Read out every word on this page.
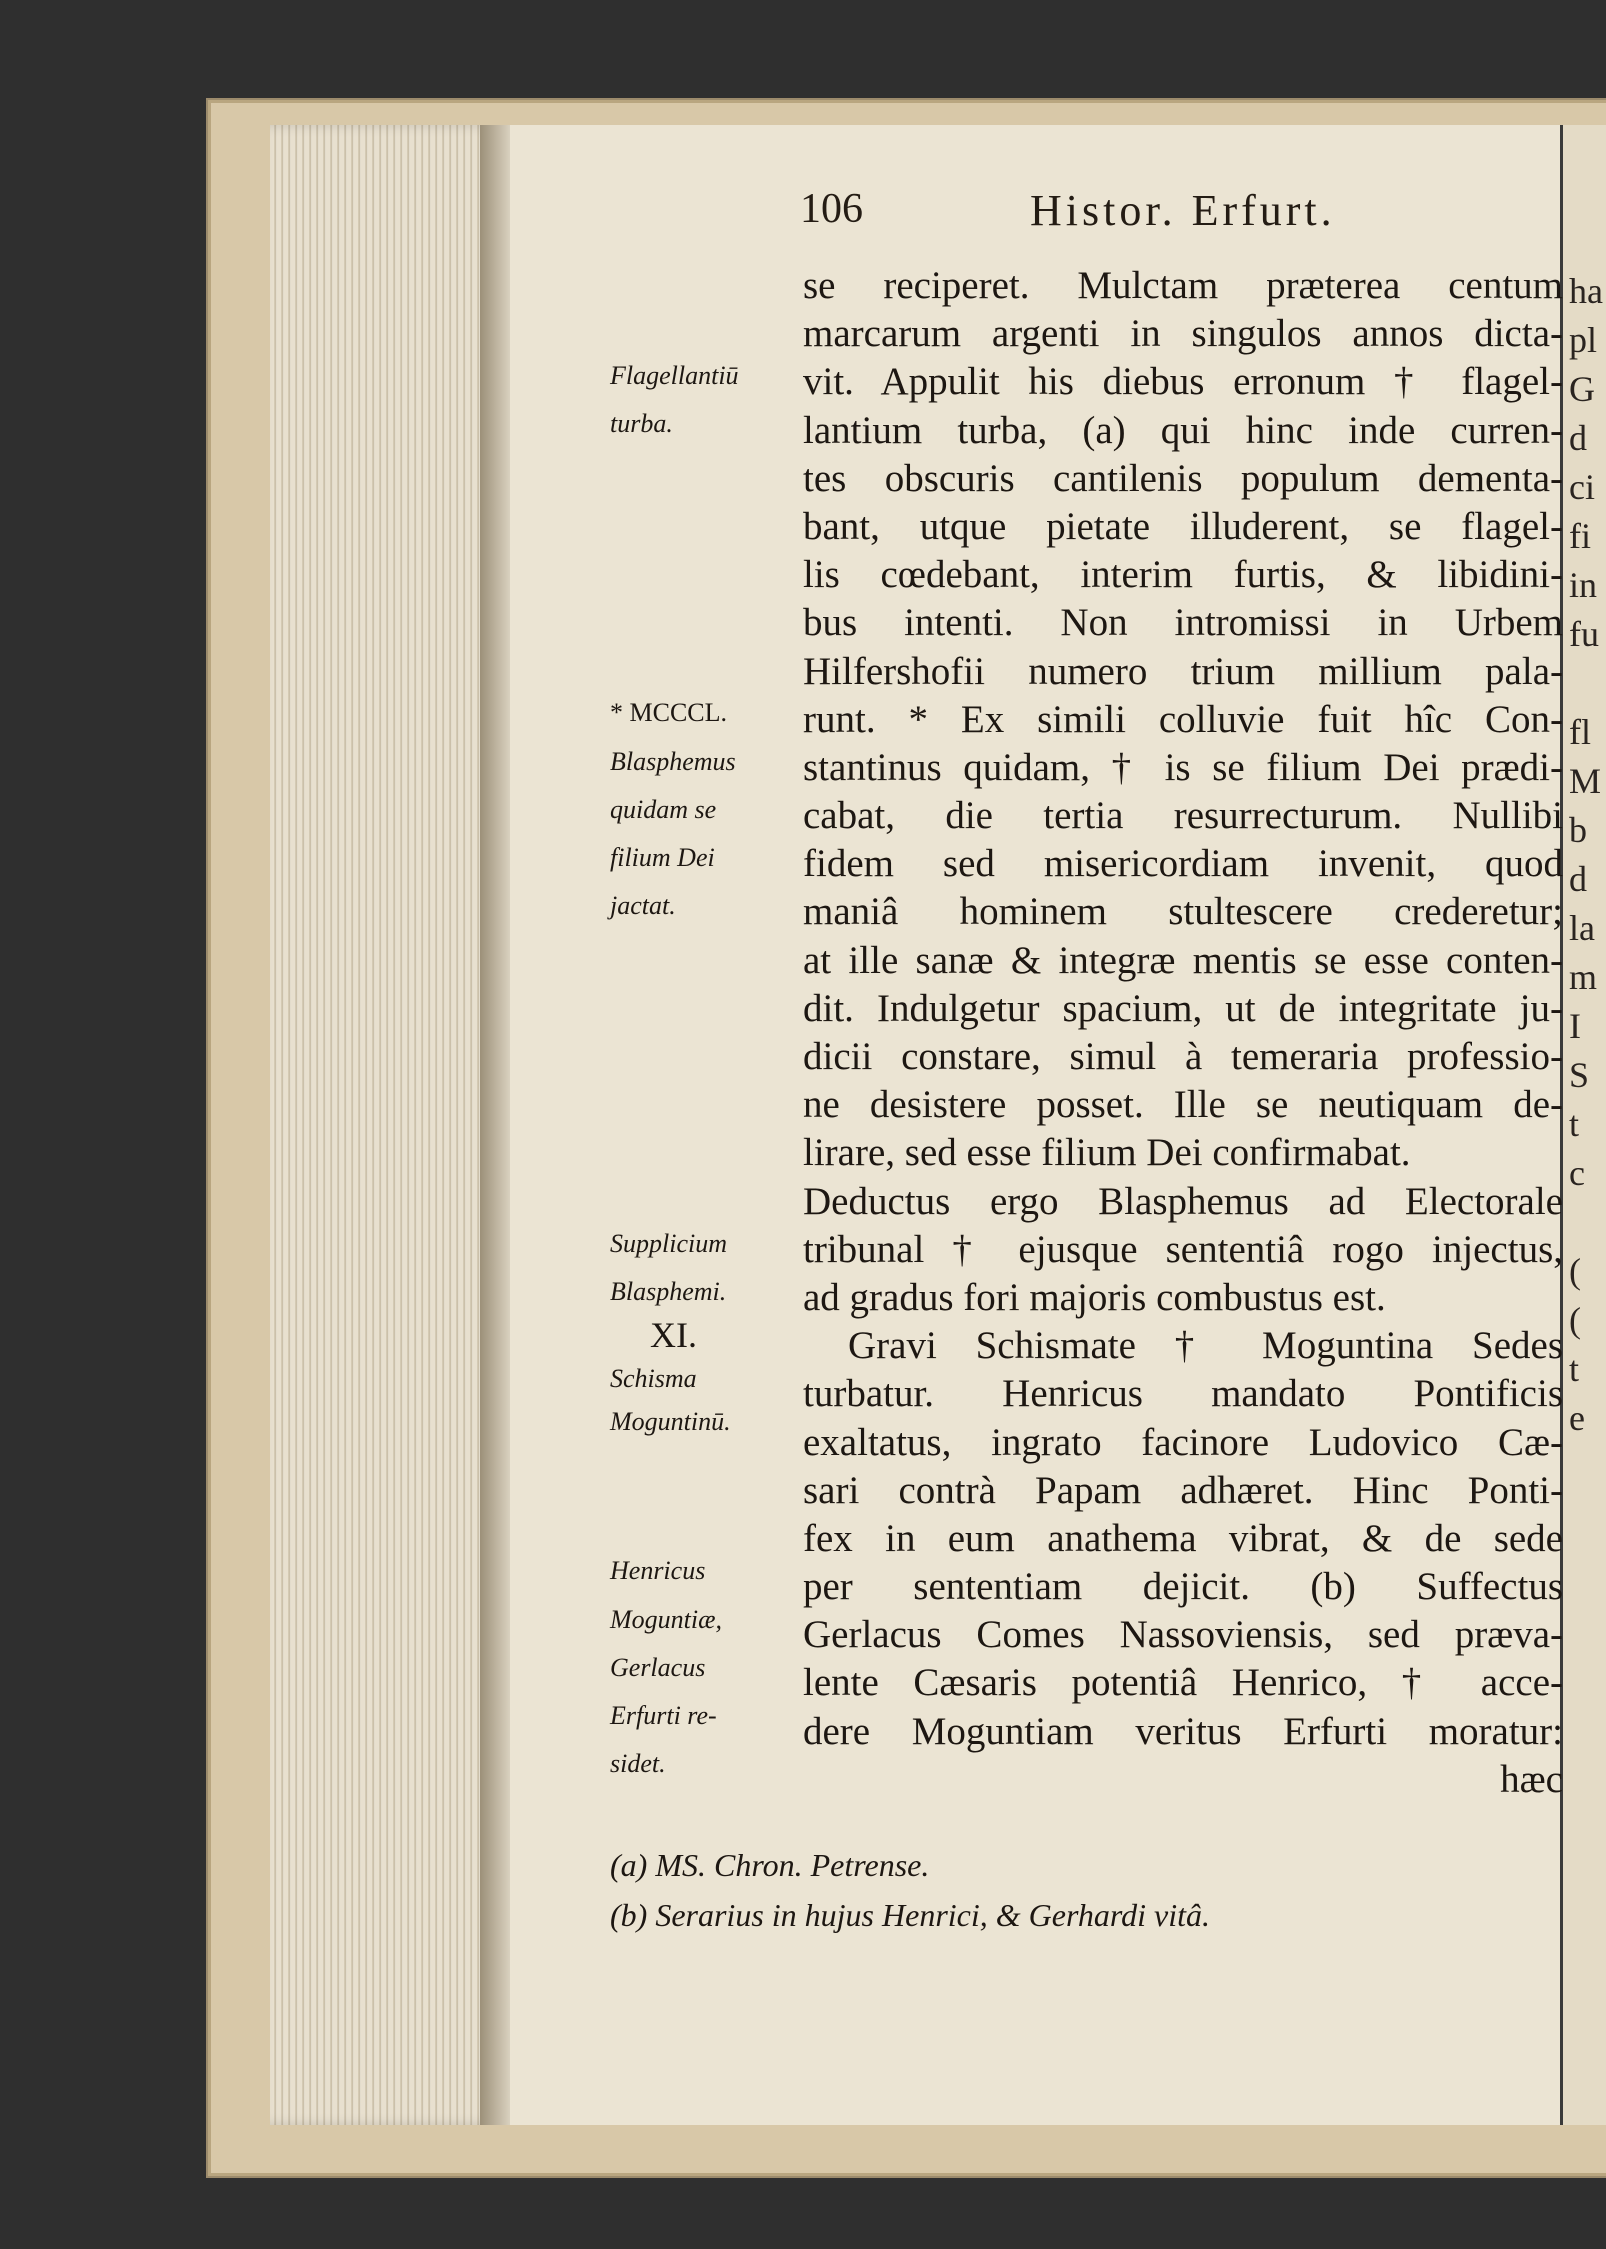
ha
pl
G
d
ci
fi
in
fu
fl
M
b
d
la
m
I
S
t
c
(
(
t
e
106	Histor. Erfurt.
se reciperet. Mulctam præterea centum
marcarum argenti in singulos annos dicta-
vit. Appulit his diebus erronum † flagel-
lantium turba, (a) qui hinc inde curren-
tes obscuris cantilenis populum dementa-
bant, utque pietate illuderent, se flagel-
lis cœdebant, interim furtis, & libidini-
bus intenti. Non intromissi in Urbem
Hilfershofii numero trium millium pala-
runt. * Ex simili colluvie fuit hîc Con-
stantinus quidam, † is se filium Dei prædi-
cabat, die tertia resurrecturum. Nullibi
fidem sed misericordiam invenit, quod
maniâ hominem stultescere crederetur;
at ille sanæ & integræ mentis se esse conten-
dit. Indulgetur spacium, ut de integritate ju-
dicii constare, simul à temeraria professio-
ne desistere posset. Ille se neutiquam de-
lirare, sed esse filium Dei confirmabat.
Deductus ergo Blasphemus ad Electorale
tribunal † ejusque sententiâ rogo injectus,
ad gradus fori majoris combustus est.
Gravi Schismate † Moguntina Sedes
turbatur. Henricus mandato Pontificis
exaltatus, ingrato facinore Ludovico Cæ-
sari contrà Papam adhæret. Hinc Ponti-
fex in eum anathema vibrat, & de sede
per sententiam dejicit. (b) Suffectus
Gerlacus Comes Nassoviensis, sed præva-
lente Cæsaris potentiâ Henrico, † acce-
dere Moguntiam veritus Erfurti moratur:
hæc
Flagellantiū
turba.
* MCCCL.
Blasphemus
quidam se
filium Dei
jactat.
Supplicium
Blasphemi.
XI.
Schisma
Moguntinū.
Henricus
Moguntiæ,
Gerlacus
Erfurti re-
sidet.
(a) MS. Chron. Petrense.
(b) Serarius in hujus Henrici, & Gerhardi vitâ.
